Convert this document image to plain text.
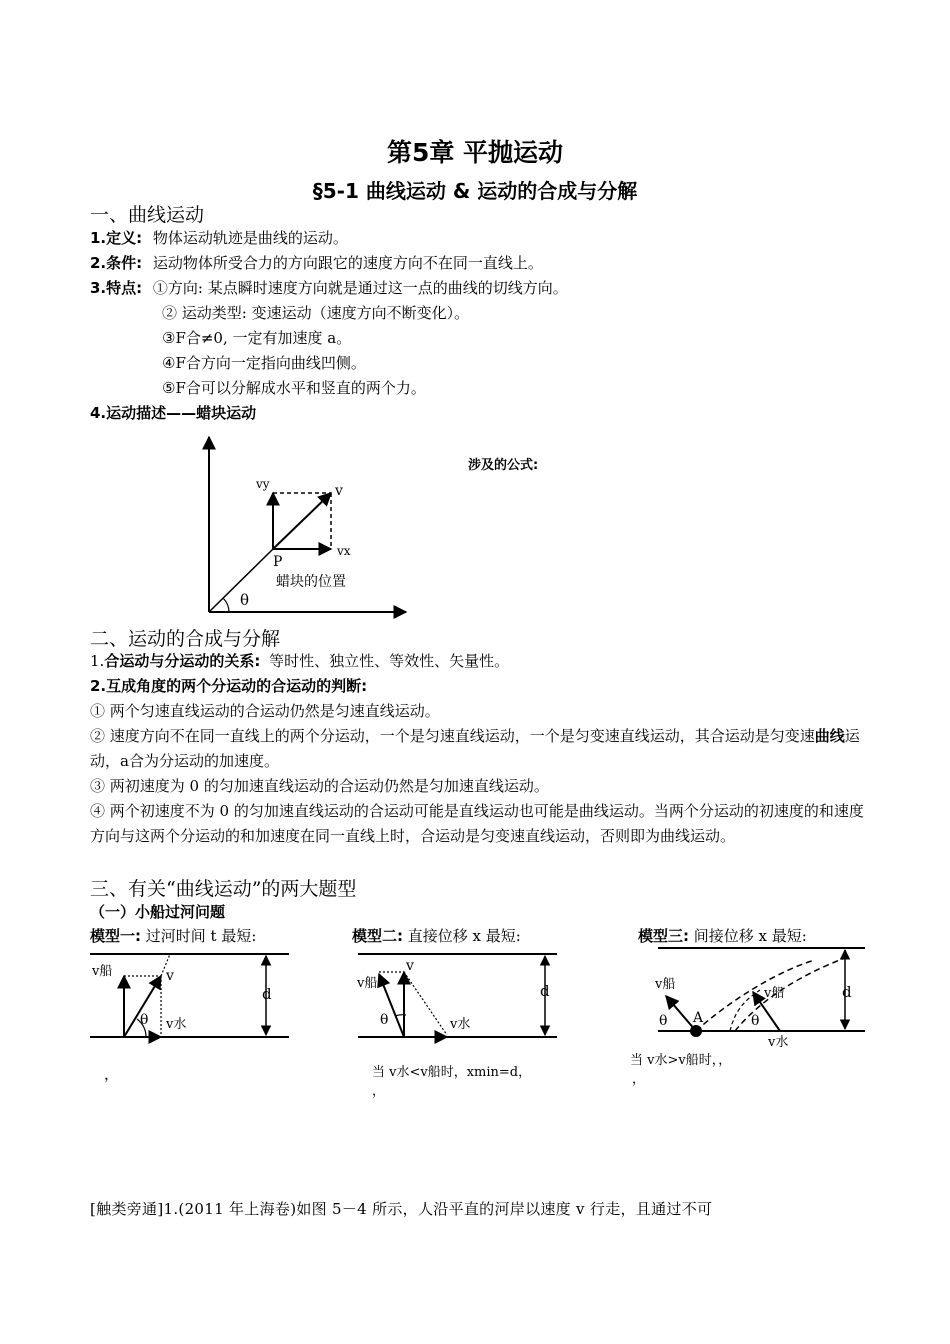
第5章 平抛运动
§5-1 曲线运动 & 运动的合成与分解
一、曲线运动
1.定义: 物体运动轨迹是曲线的运动。
2.条件: 运动物体所受合力的方向跟它的速度方向不在同一直线上。
3.特点: ①方向: 某点瞬时速度方向就是通过这一点的曲线的切线方向。
② 运动类型: 变速运动（速度方向不断变化）。
③F合≠0, 一定有加速度 a。
④F合方向一定指向曲线凹侧。
⑤F合可以分解成水平和竖直的两个力。
4.运动描述——蜡块运动
涉及的公式:
v
vy
vx
P
蜡块的位置
θ
二、运动的合成与分解
1.合运动与分运动的关系: 等时性、独立性、等效性、矢量性。
2.互成角度的两个分运动的合运动的判断:
① 两个匀速直线运动的合运动仍然是匀速直线运动。
② 速度方向不在同一直线上的两个分运动，一个是匀速直线运动，一个是匀变速直线运动，其合运动是匀变速曲线运动，a合为分运动的加速度。
③ 两初速度为 0 的匀加速直线运动的合运动仍然是匀加速直线运动。
④ 两个初速度不为 0 的匀加速直线运动的合运动可能是直线运动也可能是曲线运动。当两个分运动的初速度的和速度方向与这两个分运动的和加速度在同一直线上时，合运动是匀变速直线运动，否则即为曲线运动。
三、有关“曲线运动”的两大题型
（一）小船过河问题
模型一: 过河时间 t 最短:	模型二: 直接位移 x 最短:	模型三: 间接位移 x 最短:
v船	v
v水
θ
d
，
v船
v
v水
θ
d
当 v水<v船时，xmin=d，
，
v船
v船
A
θ	θ
v水
d
当 v水>v船时，，
，
[触类旁通]1.(2011 年上海卷)如图 5－4 所示，人沿平直的河岸以速度 v 行走，且通过不可
